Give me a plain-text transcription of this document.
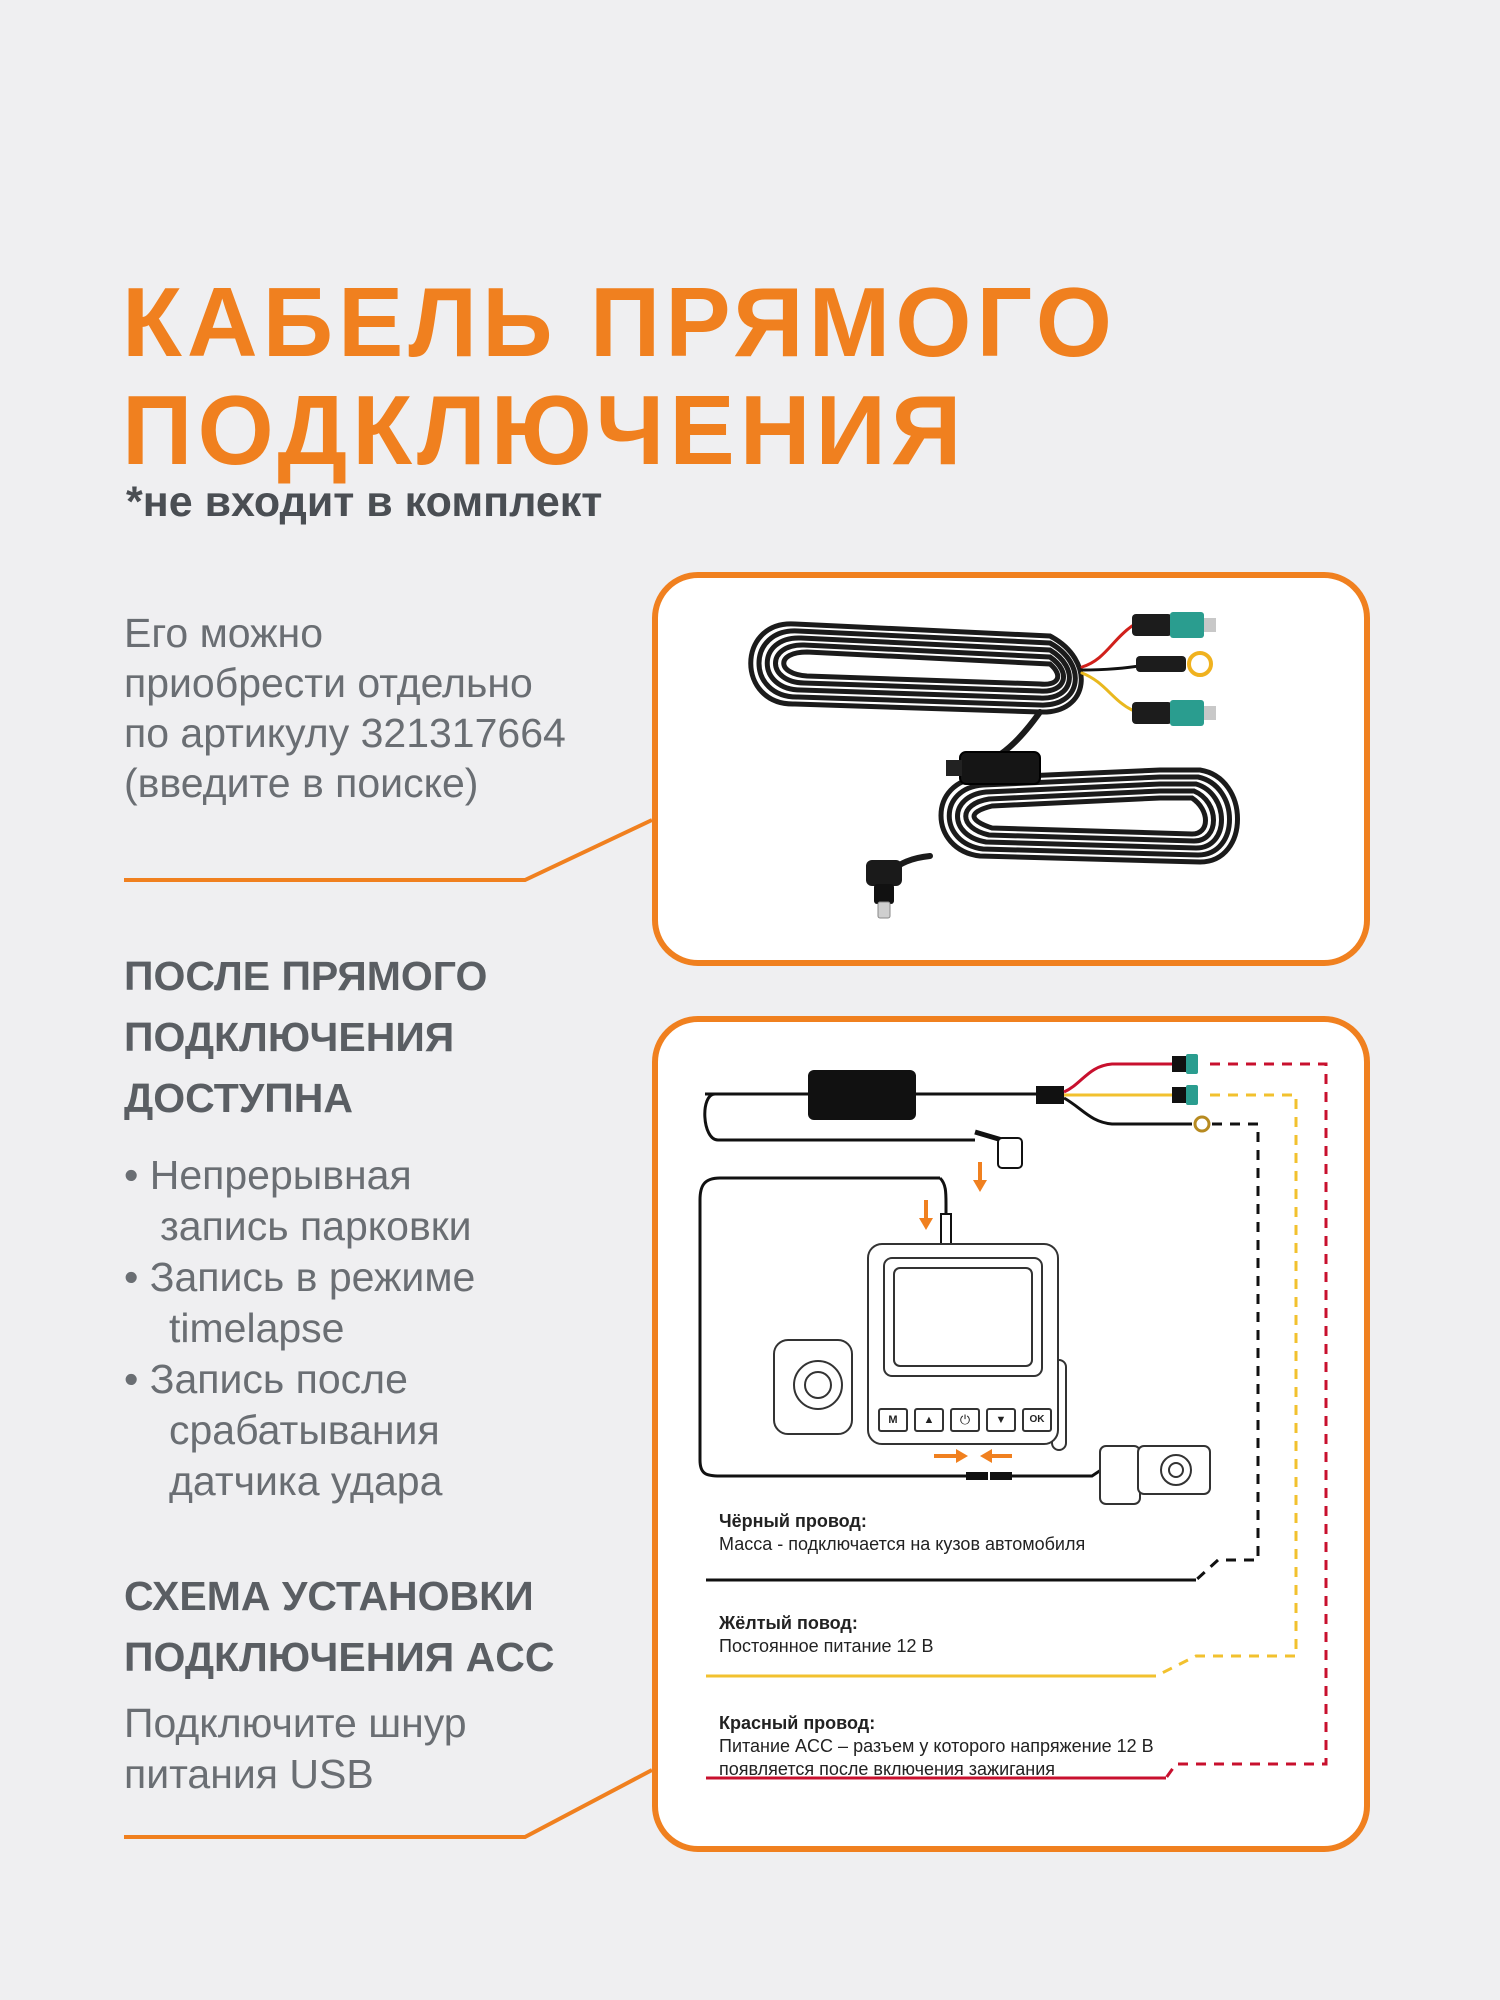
КАБЕЛЬ ПРЯМОГО
ПОДКЛЮЧЕНИЯ
*не входит в комплект
Его можно
приобрести отдельно
по артикулу 321317664
(введите в поиске)
ПОСЛЕ ПРЯМОГО
ПОДКЛЮЧЕНИЯ
ДОСТУПНА
• Непрерывная
запись парковки
• Запись в режиме
timelapse
• Запись после
срабатывания
датчика удара
СХЕМА УСТАНОВКИ
ПОДКЛЮЧЕНИЯ ACC
Подключите шнур
питания USB
M	▲	⏻	▼	OK
Чёрный провод:
Масса - подключается на кузов автомобиля
Жёлтый повод:
Постоянное питание 12 В
Красный провод:
Питание ACC – разъем у которого напряжение 12 В
появляется после включения зажигания
